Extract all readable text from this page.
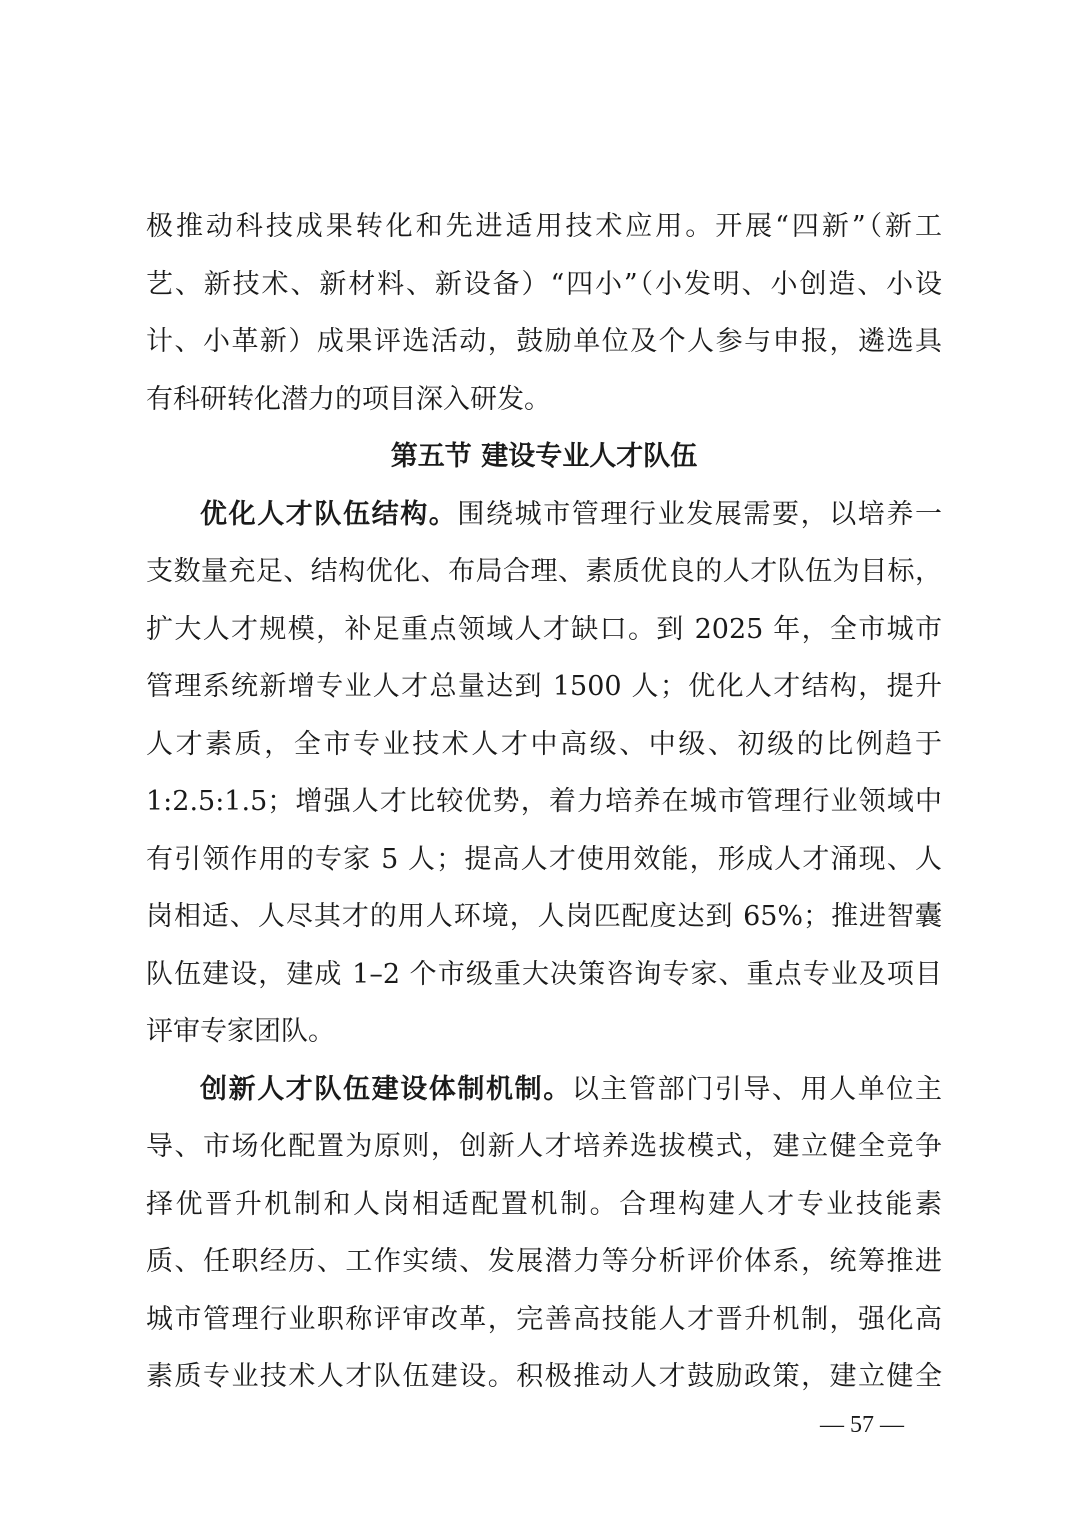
极推动科技成果转化和先进适用技术应用。开展“四新”（新工
艺、新技术、新材料、新设备）“四小”（小发明、小创造、小设
计、小革新）成果评选活动，鼓励单位及个人参与申报，遴选具
有科研转化潜力的项目深入研发。
第五节 建设专业人才队伍
优化人才队伍结构。围绕城市管理行业发展需要，以培养一
支数量充足、结构优化、布局合理、素质优良的人才队伍为目标，
扩大人才规模，补足重点领域人才缺口。到 2025 年，全市城市
管理系统新增专业人才总量达到 1500 人；优化人才结构，提升
人才素质，全市专业技术人才中高级、中级、初级的比例趋于
1:2.5:1.5；增强人才比较优势，着力培养在城市管理行业领域中
有引领作用的专家 5 人；提高人才使用效能，形成人才涌现、人
岗相适、人尽其才的用人环境，人岗匹配度达到 65%；推进智囊
队伍建设，建成 1–2 个市级重大决策咨询专家、重点专业及项目
评审专家团队。
创新人才队伍建设体制机制。以主管部门引导、用人单位主
导、市场化配置为原则，创新人才培养选拔模式，建立健全竞争
择优晋升机制和人岗相适配置机制。合理构建人才专业技能素
质、任职经历、工作实绩、发展潜力等分析评价体系，统筹推进
城市管理行业职称评审改革，完善高技能人才晋升机制，强化高
素质专业技术人才队伍建设。积极推动人才鼓励政策，建立健全
— 57 —
